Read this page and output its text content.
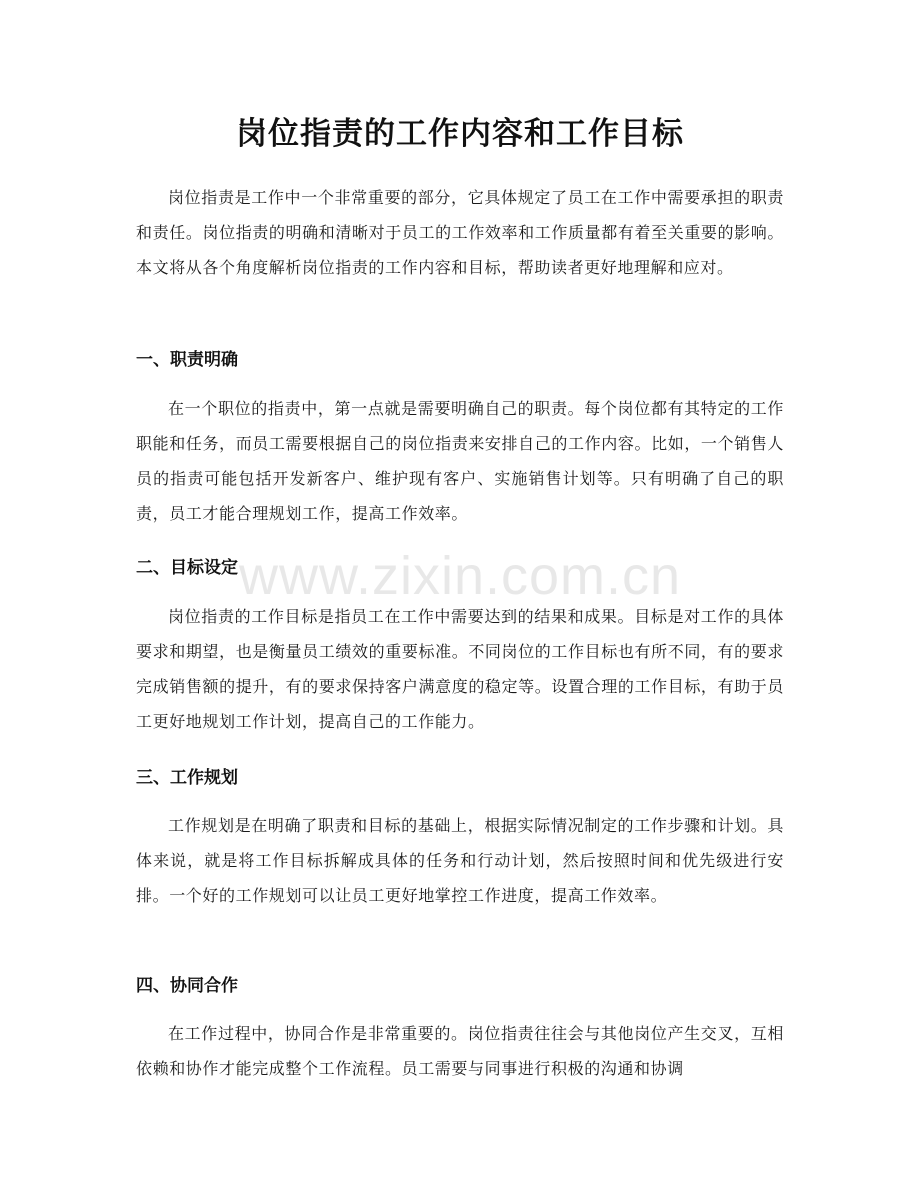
岗位指责的工作内容和工作目标

岗位指责是工作中一个非常重要的部分，它具体规定了员工在工作中需要承担的职责和责任。岗位指责的明确和清晰对于员工的工作效率和工作质量都有着至关重要的影响。本文将从各个角度解析岗位指责的工作内容和目标，帮助读者更好地理解和应对。

一、职责明确

在一个职位的指责中，第一点就是需要明确自己的职责。每个岗位都有其特定的工作职能和任务，而员工需要根据自己的岗位指责来安排自己的工作内容。比如，一个销售人员的指责可能包括开发新客户、维护现有客户、实施销售计划等。只有明确了自己的职责，员工才能合理规划工作，提高工作效率。

二、目标设定

岗位指责的工作目标是指员工在工作中需要达到的结果和成果。目标是对工作的具体要求和期望，也是衡量员工绩效的重要标准。不同岗位的工作目标也有所不同，有的要求完成销售额的提升，有的要求保持客户满意度的稳定等。设置合理的工作目标，有助于员工更好地规划工作计划，提高自己的工作能力。

三、工作规划

工作规划是在明确了职责和目标的基础上，根据实际情况制定的工作步骤和计划。具体来说，就是将工作目标拆解成具体的任务和行动计划，然后按照时间和优先级进行安排。一个好的工作规划可以让员工更好地掌控工作进度，提高工作效率。

四、协同合作

在工作过程中，协同合作是非常重要的。岗位指责往往会与其他岗位产生交叉，互相依赖和协作才能完成整个工作流程。员工需要与同事进行积极的沟通和协调

www.zixin.com.cn
